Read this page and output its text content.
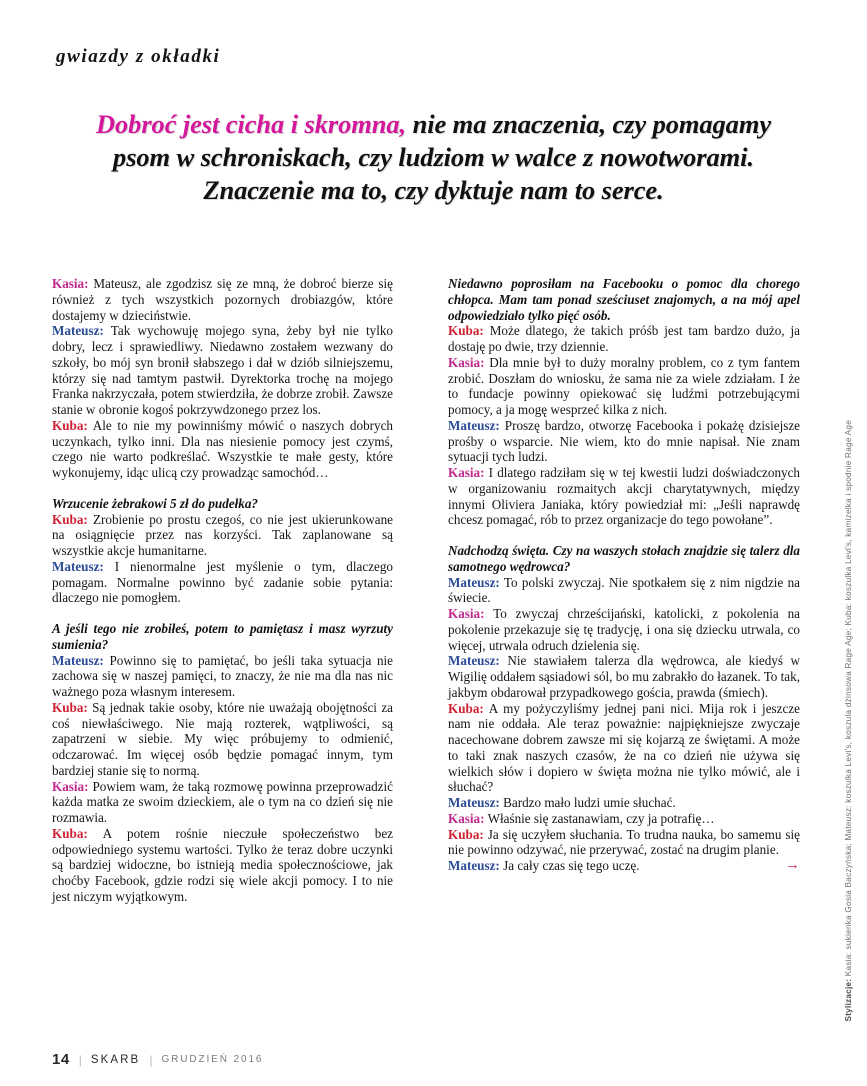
gwiazdy z okładki
Dobroć jest cicha i skromna, nie ma znaczenia, czy pomagamy psom w schroniskach, czy ludziom w walce z nowotworami. Znaczenie ma to, czy dyktuje nam to serce.

Kasia: Mateusz, ale zgodzisz się ze mną, że dobroć bierze się również z tych wszystkich pozornych drobiazgów, które dostajemy w dzieciństwie.

Mateusz: Tak wychowuję mojego syna, żeby był nie tylko dobry, lecz i sprawiedliwy. Niedawno zostałem wezwany do szkoły, bo mój syn bronił słabszego i dał w dziób silniejszemu, którzy się nad tamtym pastwił. Dyrektorka trochę na mojego Franka nakrzyczała, potem stwierdziła, że dobrze zrobił. Zawsze stanie w obronie kogoś pokrzywdzonego przez los.

Kuba: Ale to nie my powinniśmy mówić o naszych dobrych uczynkach, tylko inni. Dla nas niesienie pomocy jest czymś, czego nie warto podkreślać. Wszystkie te małe gesty, które wykonujemy, idąc ulicą czy prowadząc samochód…

Wrzucenie żebrakowi 5 zł do pudełka?

Kuba: Zrobienie po prostu czegoś, co nie jest ukierunkowane na osiągnięcie przez nas korzyści. Tak zaplanowane są wszystkie akcje humanitarne.

Mateusz: I nienormalne jest myślenie o tym, dlaczego pomagam. Normalne powinno być zadanie sobie pytania: dlaczego nie pomogłem.

A jeśli tego nie zrobiłeś, potem to pamiętasz i masz wyrzuty sumienia?

Mateusz: Powinno się to pamiętać, bo jeśli taka sytuacja nie zachowa się w naszej pamięci, to znaczy, że nie ma dla nas nic ważnego poza własnym interesem.

Kuba: Są jednak takie osoby, które nie uważają obojętności za coś niewłaściwego. Nie mają rozterek, wątpliwości, są zapatrzeni w siebie. My więc próbujemy to odmienić, odczarować. Im więcej osób będzie pomagać innym, tym bardziej stanie się to normą.

Kasia: Powiem wam, że taką rozmowę powinna przeprowadzić każda matka ze swoim dzieckiem, ale o tym na co dzień się nie rozmawia.

Kuba: A potem rośnie nieczułe społeczeństwo bez odpowiedniego systemu wartości. Tylko że teraz dobre uczynki są bardziej widoczne, bo istnieją media społecznościowe, jak choćby Facebook, gdzie rodzi się wiele akcji pomocy. I to nie jest niczym wyjątkowym.

Niedawno poprosiłam na Facebooku o pomoc dla chorego chłopca. Mam tam ponad sześciuset znajomych, a na mój apel odpowiedziało tylko pięć osób.

Kuba: Może dlatego, że takich próśb jest tam bardzo dużo, ja dostaję po dwie, trzy dziennie.

Kasia: Dla mnie był to duży moralny problem, co z tym fantem zrobić. Doszłam do wniosku, że sama nie za wiele zdziałam. I że to fundacje powinny opiekować się ludźmi potrzebującymi pomocy, a ja mogę wesprzeć kilka z nich.

Mateusz: Proszę bardzo, otworzę Facebooka i pokażę dzisiejsze prośby o wsparcie. Nie wiem, kto do mnie napisał. Nie znam sytuacji tych ludzi.

Kasia: I dlatego radziłam się w tej kwestii ludzi doświadczonych w organizowaniu rozmaitych akcji charytatywnych, między innymi Oliviera Janiaka, który powiedział mi: „Jeśli naprawdę chcesz pomagać, rób to przez organizacje do tego powołane”.

Nadchodzą święta. Czy na waszych stołach znajdzie się talerz dla samotnego wędrowca?

Mateusz: To polski zwyczaj. Nie spotkałem się z nim nigdzie na świecie.

Kasia: To zwyczaj chrześcijański, katolicki, z pokolenia na pokolenie przekazuje się tę tradycję, i ona się dziecku utrwala, co więcej, utrwala odruch dzielenia się.

Mateusz: Nie stawiałem talerza dla wędrowca, ale kiedyś w Wigilię oddałem sąsiadowi sól, bo mu zabrakło do łazanek. To tak, jakbym obdarował przypadkowego gościa, prawda (śmiech).

Kuba: A my pożyczyliśmy jednej pani nici. Mija rok i jeszcze nam nie oddała. Ale teraz poważnie: najpiękniejsze zwyczaje nacechowane dobrem zawsze mi się kojarzą ze świętami. A może to taki znak naszych czasów, że na co dzień nie używa się wielkich słów i dopiero w święta można nie tylko mówić, ale i słuchać?

Mateusz: Bardzo mało ludzi umie słuchać.

Kasia: Właśnie się zastanawiam, czy ja potrafię…

Kuba: Ja się uczyłem słuchania. To trudna nauka, bo samemu się nie powinno odzywać, nie przerywać, zostać na drugim planie.

→
Mateusz: Ja cały czas się tego uczę.

Stylizacje: Kasia: sukienka Gosia Baczyńska; Mateusz: koszulka Levi's, koszula dżinsowa Rage Age; Kuba: koszulka Levi's, kamizelka i spodnie Rage Age
14 | SKARB | GRUDZIEŃ 2016
